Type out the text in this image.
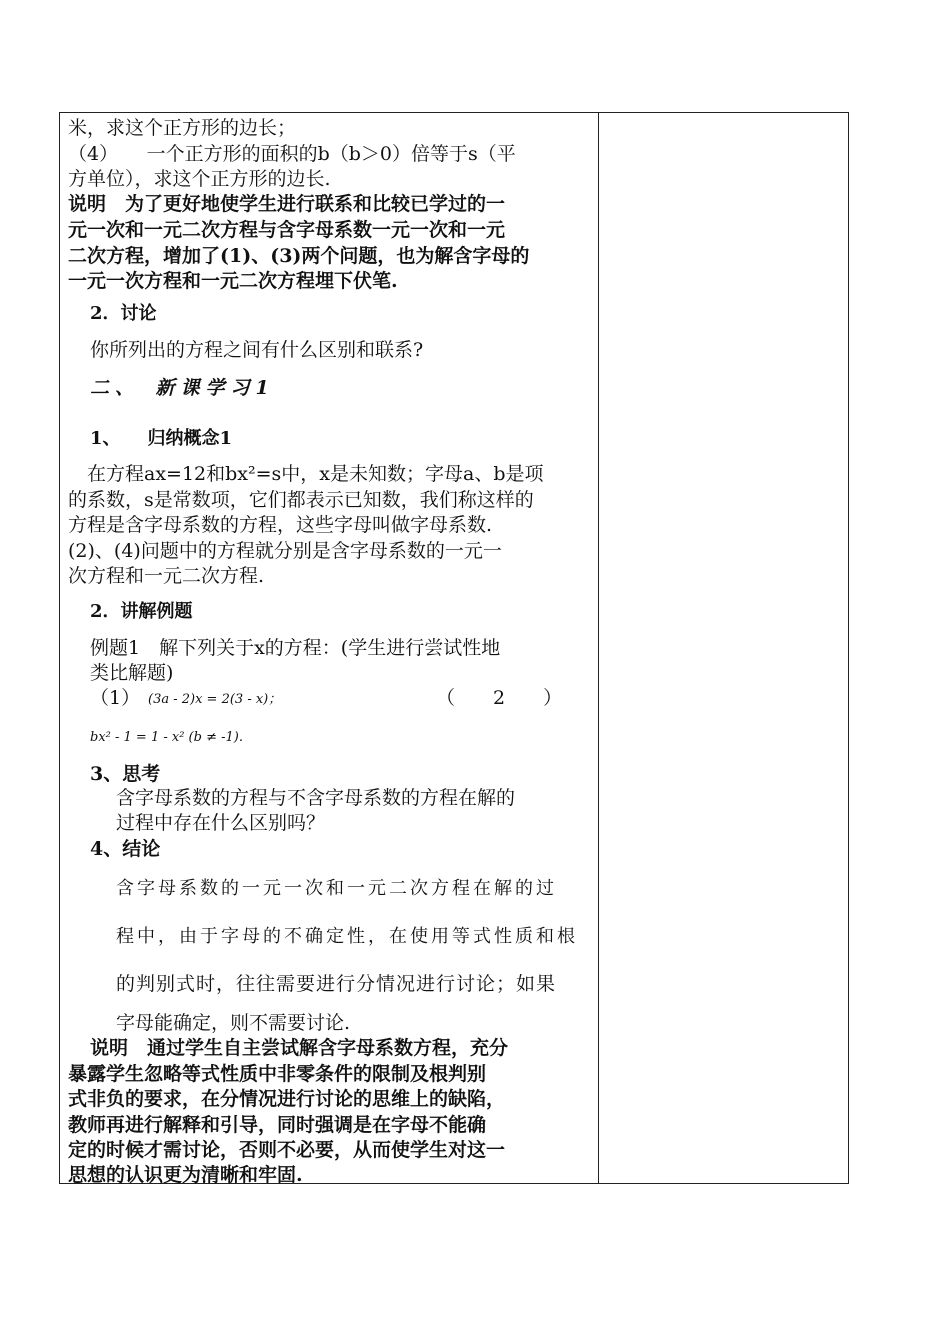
米，求这个正方形的边长；
（4）　　一个正方形的面积的b（b＞0）倍等于s（平
方单位），求这个正方形的边长.
说明　为了更好地使学生进行联系和比较已学过的一
元一次和一元二次方程与含字母系数一元一次和一元
二次方程，增加了(1)、(3)两个问题，也为解含字母的
一元一次方程和一元二次方程埋下伏笔.
2．讨论
你所列出的方程之间有什么区别和联系?
二、　新课学习1
1、　　归纳概念1
　在方程ax=12和bx²=s中，x是未知数；字母a、b是项
的系数，s是常数项，它们都表示已知数，我们称这样的
方程是含字母系数的方程，这些字母叫做字母系数.
(2)、(4)问题中的方程就分别是含字母系数的一元一
次方程和一元二次方程.
2．讲解例题
例题1　解下列关于x的方程：(学生进行尝试性地
类比解题)
（1） (3a - 2)x = 2(3 - x)；	（　　2　　）
bx² - 1 = 1 - x² (b ≠ -1).
3、思考
含字母系数的方程与不含字母系数的方程在解的
过程中存在什么区别吗？
4、结论
含字母系数的一元一次和一元二次方程在解的过
程中，由于字母的不确定性，在使用等式性质和根
的判别式时，往往需要进行分情况进行讨论；如果
字母能确定，则不需要讨论.
说明　通过学生自主尝试解含字母系数方程，充分
暴露学生忽略等式性质中非零条件的限制及根判别
式非负的要求，在分情况进行讨论的思维上的缺陷，
教师再进行解释和引导，同时强调是在字母不能确
定的时候才需讨论，否则不必要，从而使学生对这一
思想的认识更为清晰和牢固.
